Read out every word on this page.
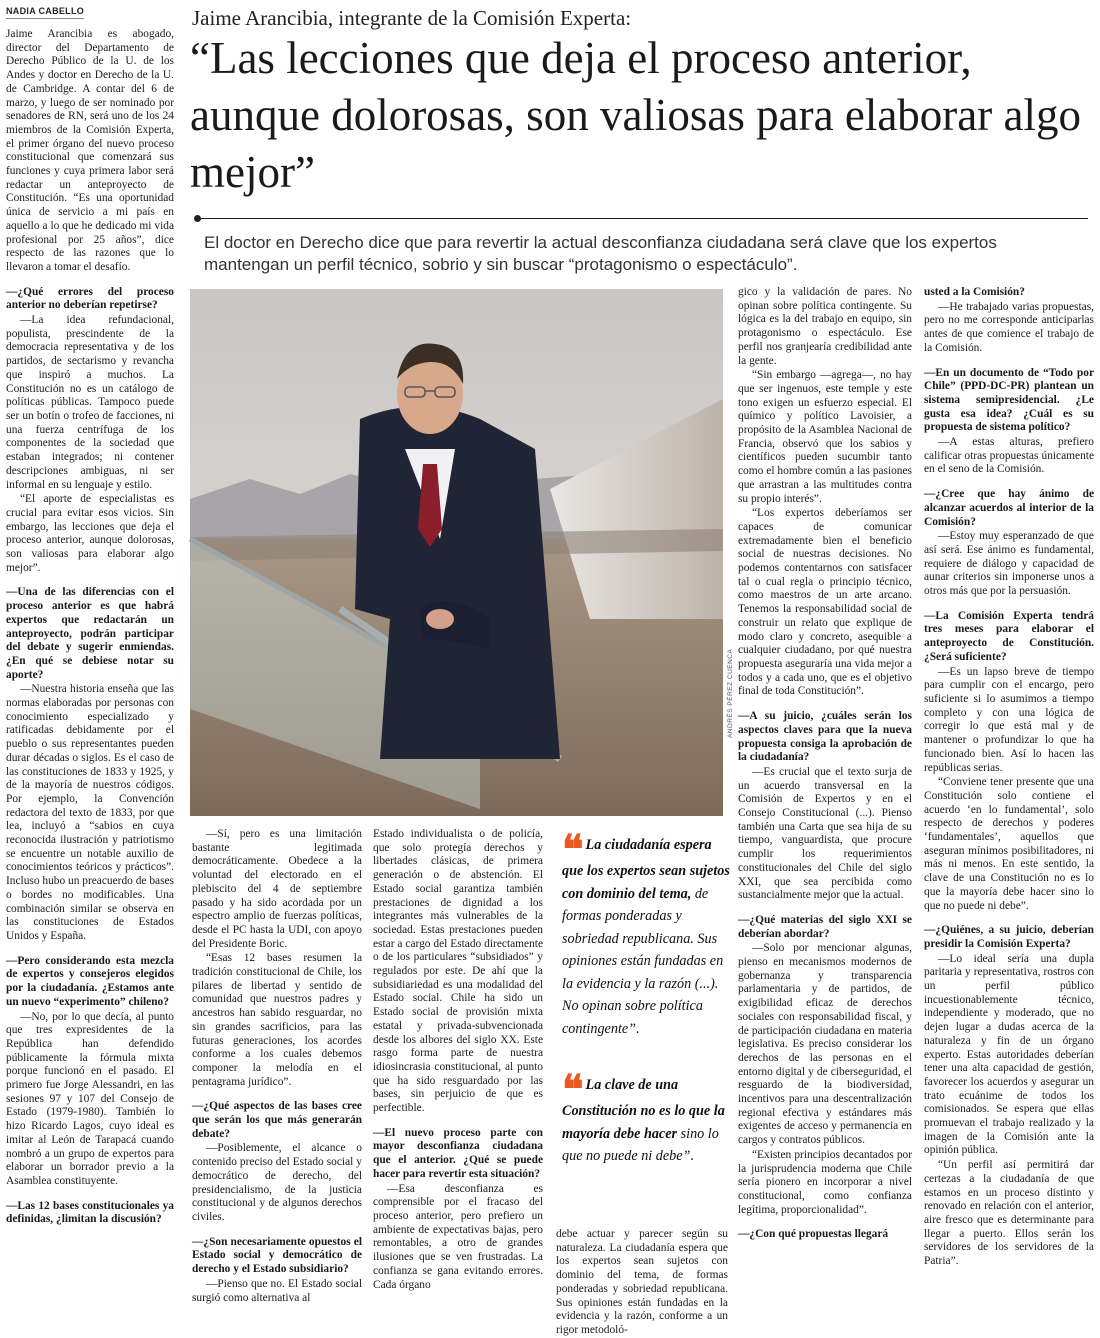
NADIA CABELLO	Jaime Arancibia, integrante de la Comisión Experta:
“Las lecciones que deja el proceso anterior, aunque dolorosas, son valiosas para elaborar algo mejor”
El doctor en Derecho dice que para revertir la actual desconfianza ciudadana será clave que los expertos mantengan un perfil técnico, sobrio y sin buscar “protagonismo o espectáculo”.

Jaime Arancibia es abogado, director del Departamento de Derecho Público de la U. de los Andes y doctor en Derecho de la U. de Cambridge. A contar del 6 de marzo, y luego de ser nominado por senadores de RN, será uno de los 24 miembros de la Comisión Experta, el primer órgano del nuevo proceso constitucional que comenzará sus funciones y cuya primera labor será redactar un anteproyecto de Constitución. “Es una oportunidad única de servicio a mi país en aquello a lo que he dedicado mi vida profesional por 25 años”, dice respecto de las razones que lo llevaron a tomar el desafío.

—¿Qué errores del proceso anterior no deberían repetirse?

—La idea refundacional, populista, prescindente de la democracia representativa y de los partidos, de sectarismo y revancha que inspiró a muchos. La Constitución no es un catálogo de políticas públicas. Tampoco puede ser un botín o trofeo de facciones, ni una fuerza centrífuga de los componentes de la sociedad que estaban integrados; ni contener descripciones ambiguas, ni ser informal en su lenguaje y estilo.

“El aporte de especialistas es crucial para evitar esos vicios. Sin embargo, las lecciones que deja el proceso anterior, aunque dolorosas, son valiosas para elaborar algo mejor”.

—Una de las diferencias con el proceso anterior es que habrá expertos que redactarán un anteproyecto, podrán participar del debate y sugerir enmiendas. ¿En qué se debiese notar su aporte?

—Nuestra historia enseña que las normas elaboradas por personas con conocimiento especializado y ratificadas debidamente por el pueblo o sus representantes pueden durar décadas o siglos. Es el caso de las constituciones de 1833 y 1925, y de la mayoría de nuestros códigos. Por ejemplo, la Convención redactora del texto de 1833, por que lea, incluyó a “sabios en cuya reconocida ilustración y patriotismo se encuentre un notable auxilio de conocimientos teóricos y prácticos”. Incluso hubo un preacuerdo de bases o bordes no modificables. Una combinación similar se observa en las constituciones de Estados Unidos y España.

—Pero considerando esta mezcla de expertos y consejeros elegidos por la ciudadanía. ¿Estamos ante un nuevo “experimento” chileno?

—No, por lo que decía, al punto que tres expresidentes de la República han defendido públicamente la fórmula mixta porque funcionó en el pasado. El primero fue Jorge Alessandri, en las sesiones 97 y 107 del Consejo de Estado (1979-1980). También lo hizo Ricardo Lagos, cuyo ideal es imitar al León de Tarapacá cuando nombró a un grupo de expertos para elaborar un borrador previo a la Asamblea constituyente.

—Las 12 bases constitucionales ya definidas, ¿limitan la discusión?

ANDRÉS PÉREZ CUENCA

—Sí, pero es una limitación bastante legitimada democráticamente. Obedece a la voluntad del electorado en el plebiscito del 4 de septiembre pasado y ha sido acordada por un espectro amplio de fuerzas políticas, desde el PC hasta la UDI, con apoyo del Presidente Boric.

“Esas 12 bases resumen la tradición constitucional de Chile, los pilares de libertad y sentido de comunidad que nuestros padres y ancestros han sabido resguardar, no sin grandes sacrificios, para las futuras generaciones, los acordes conforme a los cuales debemos componer la melodía en el pentagrama jurídico”.

—¿Qué aspectos de las bases cree que serán los que más generarán debate?

—Posiblemente, el alcance o contenido preciso del Estado social y democrático de derecho, del presidencialismo, de la justicia constitucional y de algunos derechos civiles.

—¿Son necesariamente opuestos el Estado social y democrático de derecho y el Estado subsidiario?

—Pienso que no. El Estado social surgió como alternativa al

Estado individualista o de policía, que solo protegía derechos y libertades clásicas, de primera generación o de abstención. El Estado social garantiza también prestaciones de dignidad a los integrantes más vulnerables de la sociedad. Estas prestaciones pueden estar a cargo del Estado directamente o de los particulares “subsidiados” y regulados por este. De ahí que la subsidiariedad es una modalidad del Estado social. Chile ha sido un Estado social de provisión mixta estatal y privada-subvencionada desde los albores del siglo XX. Este rasgo forma parte de nuestra idiosincrasia constitucional, al punto que ha sido resguardado por las bases, sin perjuicio de que es perfectible.

—El nuevo proceso parte con mayor desconfianza ciudadana que el anterior. ¿Qué se puede hacer para revertir esta situación?

—Esa desconfianza es comprensible por el fracaso del proceso anterior, pero prefiero un ambiente de expectativas bajas, pero remontables, a otro de grandes ilusiones que se ven frustradas. La confianza se gana evitando errores. Cada órgano

❝ La ciudadanía espera que los expertos sean sujetos con dominio del tema, de formas ponderadas y sobriedad republicana. Sus opiniones están fundadas en la evidencia y la razón (...). No opinan sobre política contingente”.
❝ La clave de una Constitución no es lo que la mayoría debe hacer sino lo que no puede ni debe”.

debe actuar y parecer según su naturaleza. La ciudadanía espera que los expertos sean sujetos con dominio del tema, de formas ponderadas y sobriedad republicana. Sus opiniones están fundadas en la evidencia y la razón, conforme a un rigor metodoló-

gico y la validación de pares. No opinan sobre política contingente. Su lógica es la del trabajo en equipo, sin protagonismo o espectáculo. Ese perfil nos granjearía credibilidad ante la gente.

“Sin embargo —agrega—, no hay que ser ingenuos, este temple y este tono exigen un esfuerzo especial. El químico y político Lavoisier, a propósito de la Asamblea Nacional de Francia, observó que los sabios y científicos pueden sucumbir tanto como el hombre común a las pasiones que arrastran a las multitudes contra su propio interés”.

“Los expertos deberíamos ser capaces de comunicar extremadamente bien el beneficio social de nuestras decisiones. No podemos contentarnos con satisfacer tal o cual regla o principio técnico, como maestros de un arte arcano. Tenemos la responsabilidad social de construir un relato que explique de modo claro y concreto, asequible a cualquier ciudadano, por qué nuestra propuesta aseguraría una vida mejor a todos y a cada uno, que es el objetivo final de toda Constitución”.

—A su juicio, ¿cuáles serán los aspectos claves para que la nueva propuesta consiga la aprobación de la ciudadanía?

—Es crucial que el texto surja de un acuerdo transversal en la Comisión de Expertos y en el Consejo Constitucional (...). Pienso también una Carta que sea hija de su tiempo, vanguardista, que procure cumplir los requerimientos constitucionales del Chile del siglo XXI, que sea percibida como sustancialmente mejor que la actual.

—¿Qué materias del siglo XXI se deberían abordar?

—Solo por mencionar algunas, pienso en mecanismos modernos de gobernanza y transparencia parlamentaria y de partidos, de exigibilidad eficaz de derechos sociales con responsabilidad fiscal, y de participación ciudadana en materia legislativa. Es preciso considerar los derechos de las personas en el entorno digital y de ciberseguridad, el resguardo de la biodiversidad, incentivos para una descentralización regional efectiva y estándares más exigentes de acceso y permanencia en cargos y contratos públicos.

“Existen principios decantados por la jurisprudencia moderna que Chile sería pionero en incorporar a nivel constitucional, como confianza legítima, proporcionalidad”.

—¿Con qué propuestas llegará

usted a la Comisión?

—He trabajado varias propuestas, pero no me corresponde anticiparlas antes de que comience el trabajo de la Comisión.

—En un documento de “Todo por Chile” (PPD-DC-PR) plantean un sistema semipresidencial. ¿Le gusta esa idea? ¿Cuál es su propuesta de sistema político?

—A estas alturas, prefiero calificar otras propuestas únicamente en el seno de la Comisión.

—¿Cree que hay ánimo de alcanzar acuerdos al interior de la Comisión?

—Estoy muy esperanzado de que así será. Ese ánimo es fundamental, requiere de diálogo y capacidad de aunar criterios sin imponerse unos a otros más que por la persuasión.

—La Comisión Experta tendrá tres meses para elaborar el anteproyecto de Constitución. ¿Será suficiente?

—Es un lapso breve de tiempo para cumplir con el encargo, pero suficiente si lo asumimos a tiempo completo y con una lógica de corregir lo que está mal y de mantener o profundizar lo que ha funcionado bien. Así lo hacen las repúblicas serias.

“Conviene tener presente que una Constitución solo contiene el acuerdo ‘en lo fundamental’, solo respecto de derechos y poderes ‘fundamentales’, aquellos que aseguran mínimos posibilitadores, ni más ni menos. En este sentido, la clave de una Constitución no es lo que la mayoría debe hacer sino lo que no puede ni debe”.

—¿Quiénes, a su juicio, deberían presidir la Comisión Experta?

—Lo ideal sería una dupla paritaria y representativa, rostros con un perfil público incuestionablemente técnico, independiente y moderado, que no dejen lugar a dudas acerca de la naturaleza y fin de un órgano experto. Estas autoridades deberían tener una alta capacidad de gestión, favorecer los acuerdos y asegurar un trato ecuánime de todos los comisionados. Se espera que ellas promuevan el trabajo realizado y la imagen de la Comisión ante la opinión pública.

“Un perfil así permitirá dar certezas a la ciudadanía de que estamos en un proceso distinto y renovado en relación con el anterior, aire fresco que es determinante para llegar a puerto. Ellos serán los servidores de los servidores de la Patria”.
